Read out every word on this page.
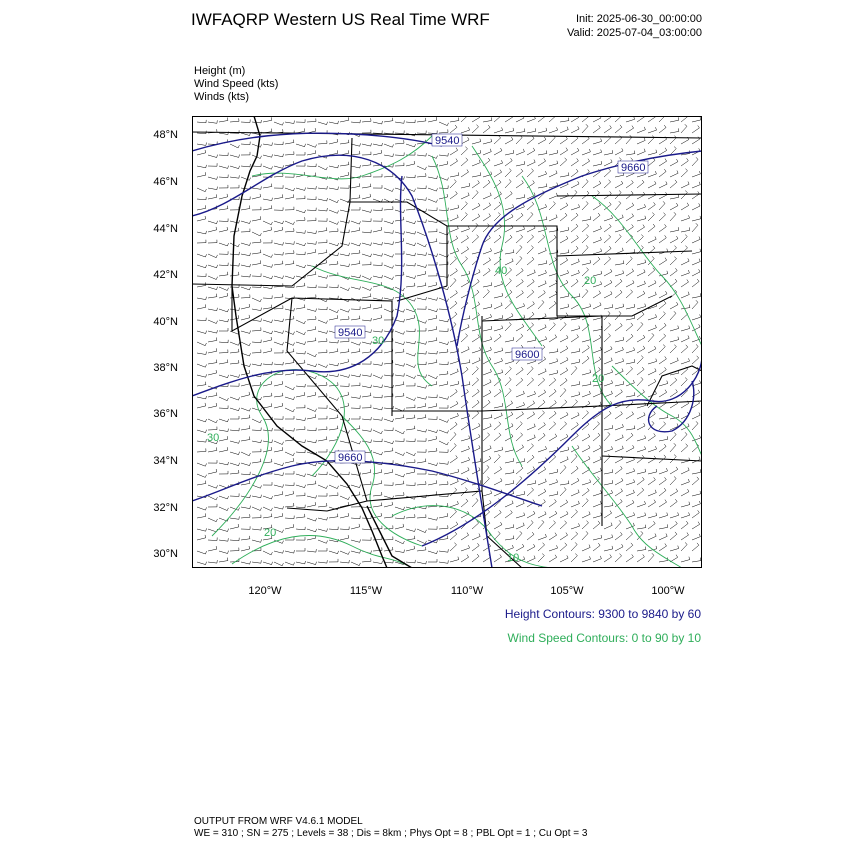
IWFAQRP Western US Real Time WRF	Init: 2025-06-30_00:00:00
Valid: 2025-07-04_03:00:00
Height (m)
Wind Speed (kts)
Winds (kts)
9540
9660
9600
9540
9660
30
20
40
20
10
30
20
48°N
46°N
44°N
42°N
40°N
38°N
36°N
34°N
32°N
30°N
120°W	115°W	110°W	105°W	100°W
Height Contours: 9300 to 9840 by 60
Wind Speed Contours: 0 to 90 by 10
OUTPUT FROM WRF V4.6.1 MODEL
WE = 310 ; SN = 275 ; Levels = 38 ; Dis = 8km ; Phys Opt = 8 ; PBL Opt = 1 ; Cu Opt = 3
